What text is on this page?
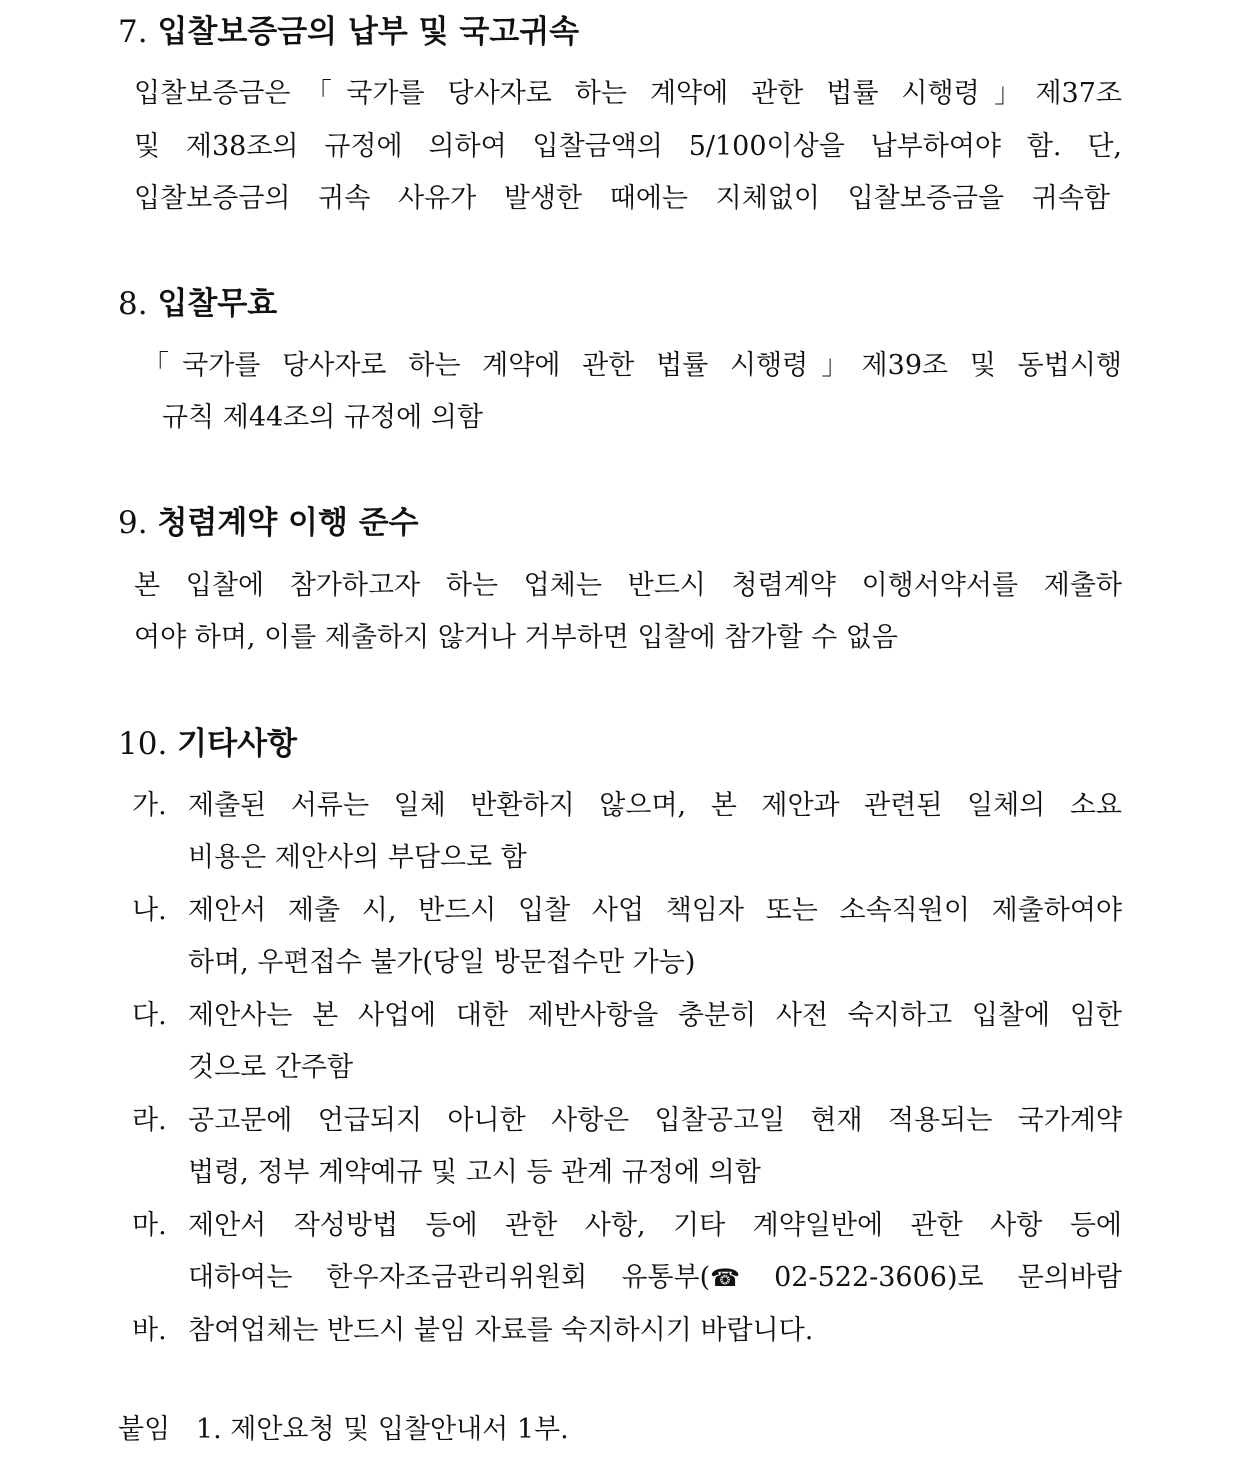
7. 입찰보증금의 납부 및 국고귀속
입찰보증금은「국가를 당사자로 하는 계약에 관한 법률 시행령」제37조
및 제38조의 규정에 의하여 입찰금액의 5/100이상을 납부하여야 함. 단,
입찰보증금의 귀속 사유가 발생한 때에는 지체없이 입찰보증금을 귀속함
8. 입찰무효
「국가를 당사자로 하는 계약에 관한 법률 시행령」제39조 및 동법시행
규칙 제44조의 규정에 의함
9. 청렴계약 이행 준수
본 입찰에 참가하고자 하는 업체는 반드시 청렴계약 이행서약서를 제출하
여야 하며, 이를 제출하지 않거나 거부하면 입찰에 참가할 수 없음
10. 기타사항
가. 제출된 서류는 일체 반환하지 않으며, 본 제안과 관련된 일체의 소요
비용은 제안사의 부담으로 함
나. 제안서 제출 시, 반드시 입찰 사업 책임자 또는 소속직원이 제출하여야
하며, 우편접수 불가(당일 방문접수만 가능)
다. 제안사는 본 사업에 대한 제반사항을 충분히 사전 숙지하고 입찰에 임한
것으로 간주함
라. 공고문에 언급되지 아니한 사항은 입찰공고일 현재 적용되는 국가계약
법령, 정부 계약예규 및 고시 등 관계 규정에 의함
마. 제안서 작성방법 등에 관한 사항, 기타 계약일반에 관한 사항 등에
대하여는 한우자조금관리위원회 유통부(☎ 02-522-3606)로 문의바람
바. 참여업체는 반드시 붙임 자료를 숙지하시기 바랍니다.
붙임 1. 제안요청 및 입찰안내서 1부.
